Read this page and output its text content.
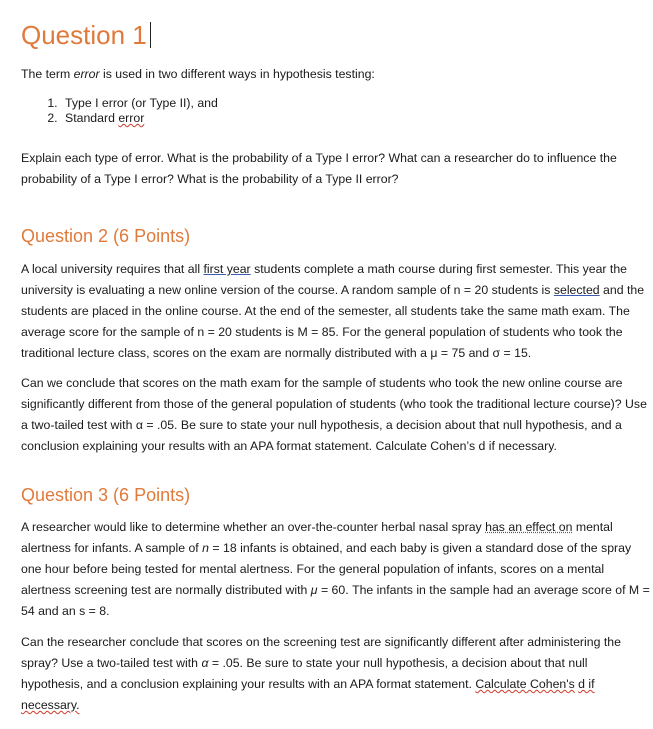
Question 1

The term error is used in two different ways in hypothesis testing:

1. Type I error (or Type II), and
2. Standard error

Explain each type of error. What is the probability of a Type I error? What can a researcher do to influence the probability of a Type I error? What is the probability of a Type II error?

Question 2 (6 Points)

A local university requires that all first year students complete a math course during first semester. This year the university is evaluating a new online version of the course. A random sample of n = 20 students is selected and the students are placed in the online course. At the end of the semester, all students take the same math exam. The average score for the sample of n = 20 students is M = 85. For the general population of students who took the traditional lecture class, scores on the exam are normally distributed with a μ = 75 and σ = 15.

Can we conclude that scores on the math exam for the sample of students who took the new online course are significantly different from those of the general population of students (who took the traditional lecture course)? Use a two-tailed test with α = .05. Be sure to state your null hypothesis, a decision about that null hypothesis, and a conclusion explaining your results with an APA format statement. Calculate Cohen’s d if necessary.

Question 3 (6 Points)

A researcher would like to determine whether an over-the-counter herbal nasal spray has an effect on mental alertness for infants. A sample of n = 18 infants is obtained, and each baby is given a standard dose of the spray one hour before being tested for mental alertness. For the general population of infants, scores on a mental alertness screening test are normally distributed with μ = 60. The infants in the sample had an average score of M = 54 and an s = 8.

Can the researcher conclude that scores on the screening test are significantly different after administering the spray? Use a two-tailed test with α = .05. Be sure to state your null hypothesis, a decision about that null hypothesis, and a conclusion explaining your results with an APA format statement. Calculate Cohen's d if
necessary.
